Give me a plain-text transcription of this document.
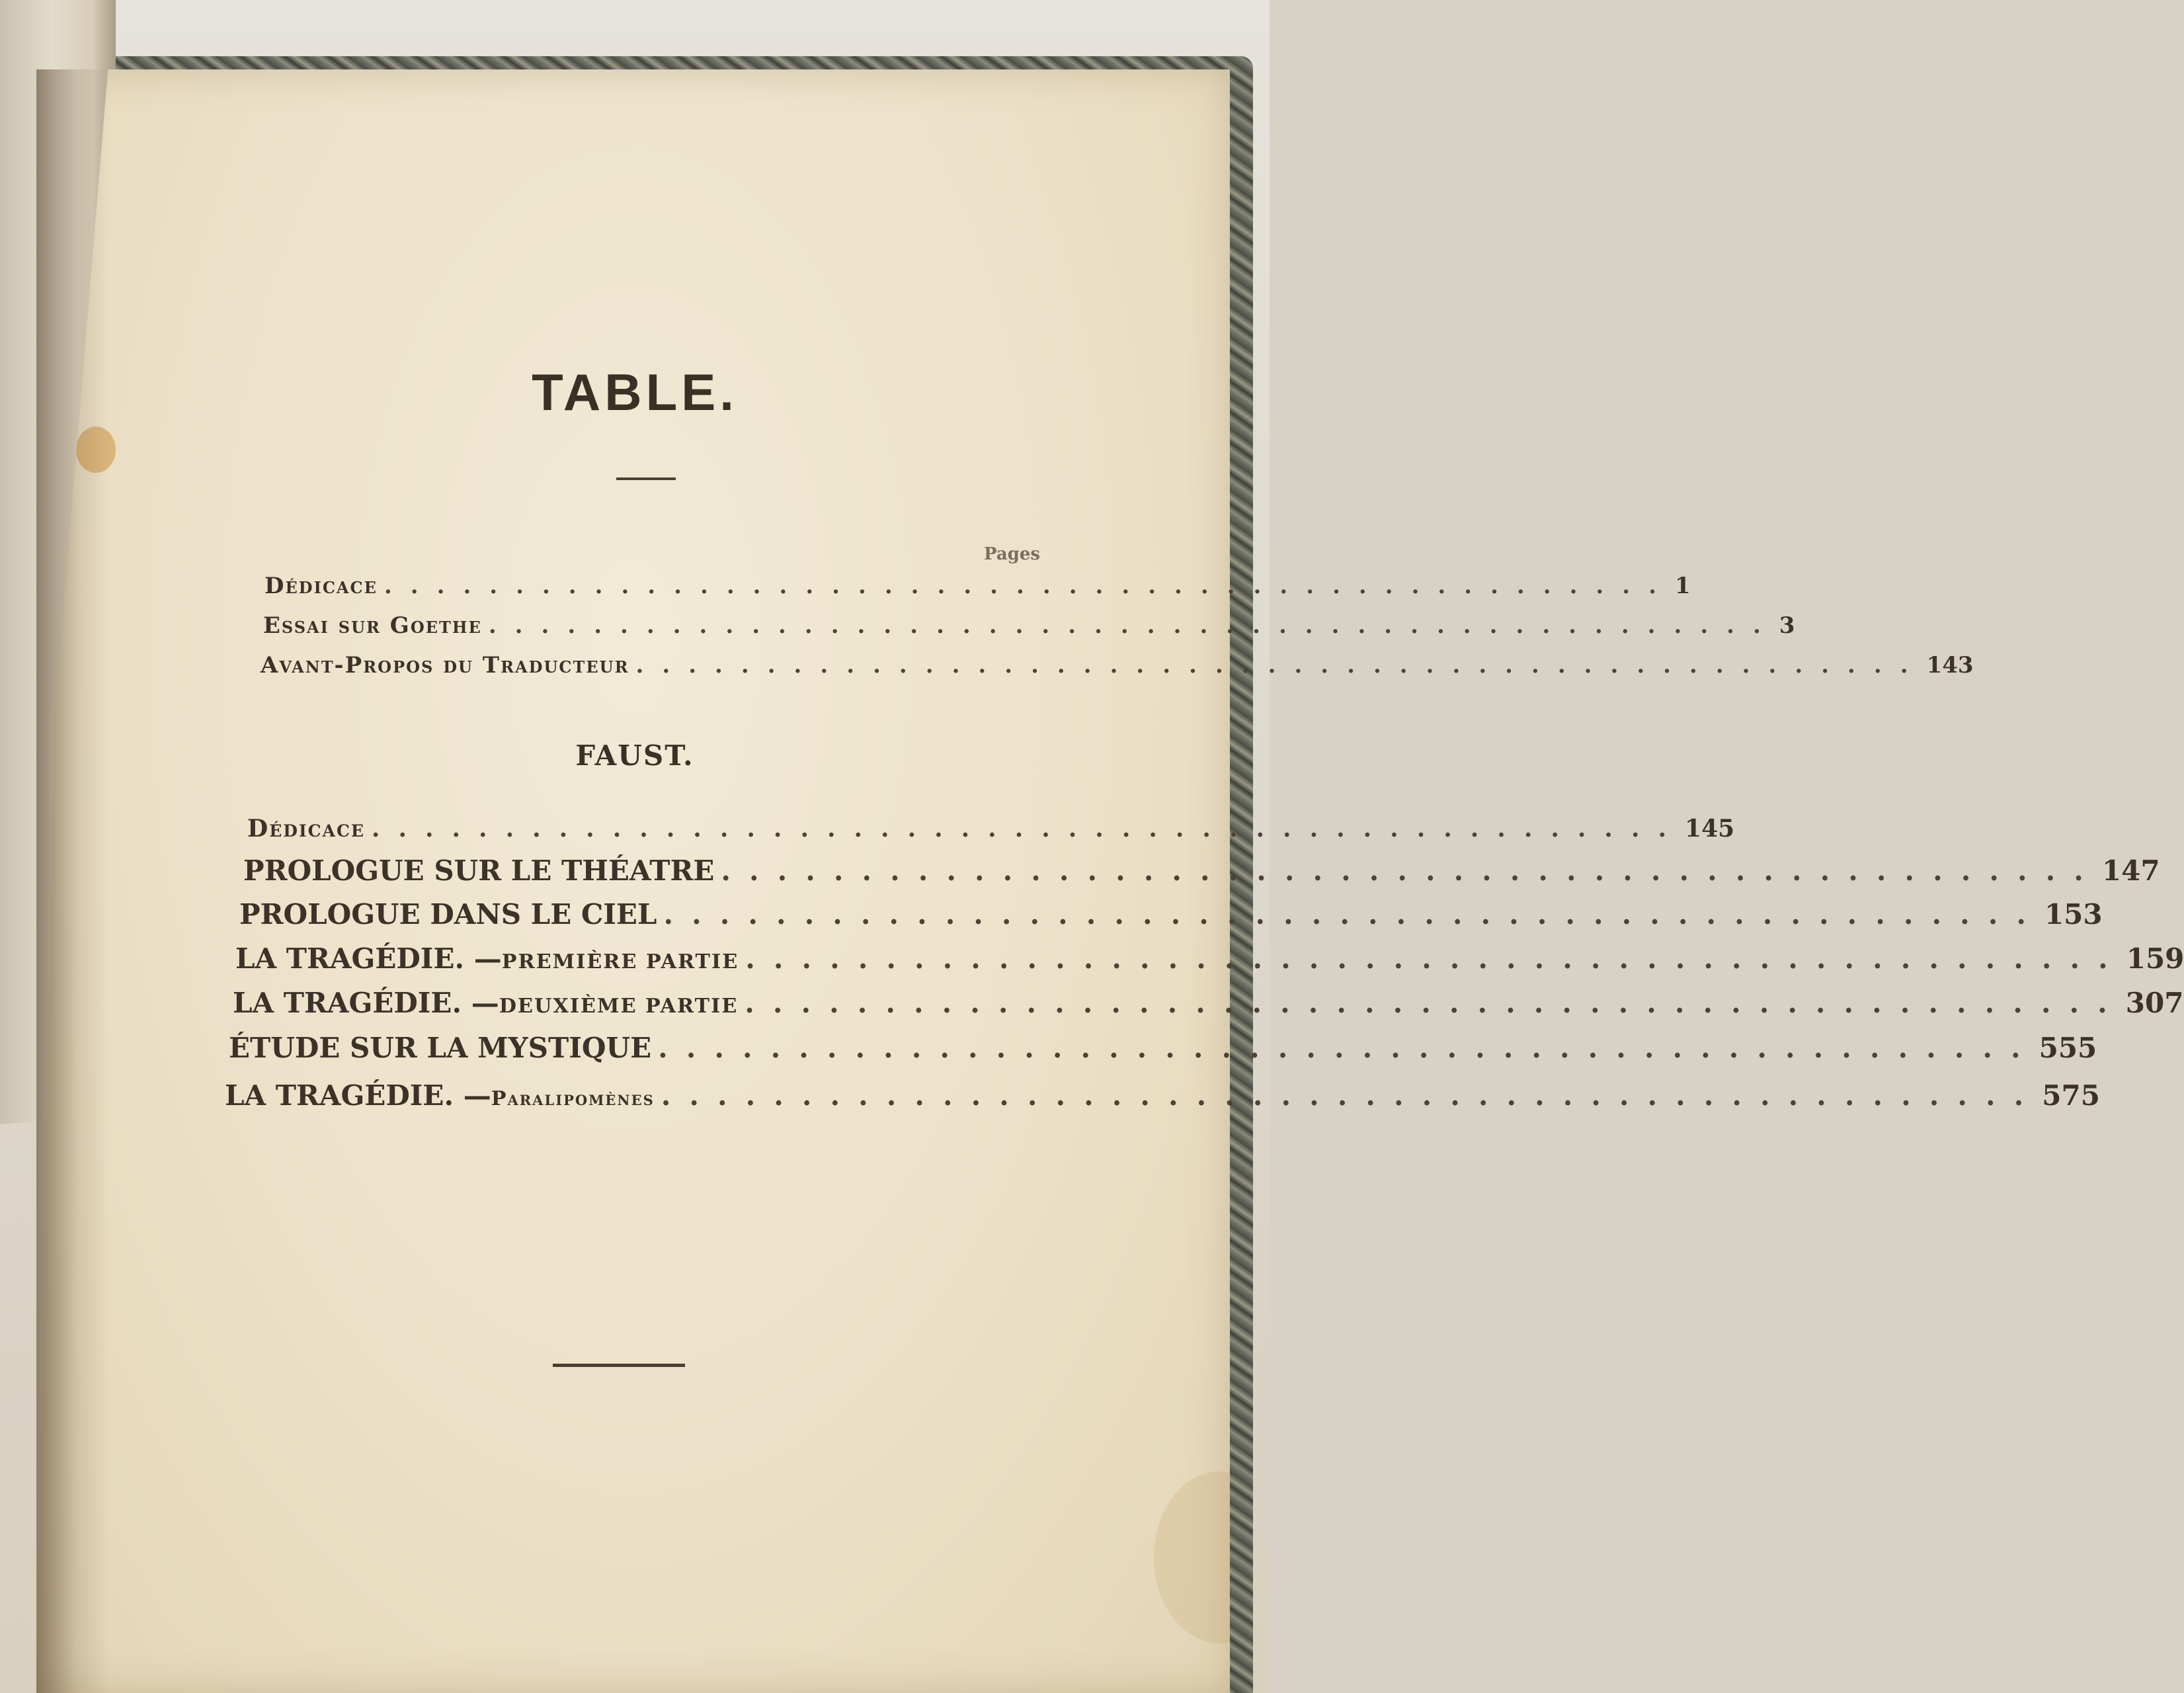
TABLE.
Pages
Dédicace ................................................. 1
Essai sur Goethe ................................................. 3
Avant-Propos du Traducteur ................................................. 143
FAUST.
Dédicace ................................................. 145
PROLOGUE SUR LE THÉATRE ................................................. 147
PROLOGUE DANS LE CIEL ................................................. 153
LA TRAGÉDIE. — PREMIÈRE PARTIE ................................................. 159
LA TRAGÉDIE. — DEUXIÈME PARTIE ................................................. 307
ÉTUDE SUR LA MYSTIQUE ................................................. 555
LA TRAGÉDIE. — Paralipomènes ................................................. 575
